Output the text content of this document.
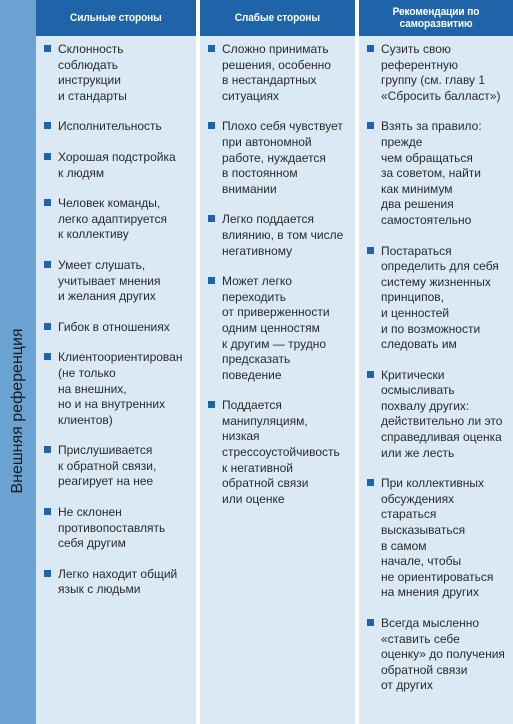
Сильные стороны	Слабые стороны	Рекомендации по саморазвитию
Внешняя референция
Склонность
соблюдать
инструкции
и стандарты
Исполнительность
Хорошая подстройка
к людям
Человек команды,
легко адаптируется
к коллективу
Умеет слушать,
учитывает мнения
и желания других
Гибок в отношениях
Клиентоориентирован
(не только
на внешних,
но и на внутренних
клиентов)
Прислушивается
к обратной связи,
реагирует на нее
Не склонен
противопоставлять
себя другим
Легко находит общий
язык с людьми
Сложно принимать
решения, особенно
в нестандартных
ситуациях
Плохо себя чувствует
при автономной
работе, нуждается
в постоянном
внимании
Легко поддается
влиянию, в том числе
негативному
Может легко
переходить
от приверженности
одним ценностям
к другим — трудно
предсказать
поведение
Поддается
манипуляциям,
низкая
стрессоустойчивость
к негативной
обратной связи
или оценке
Сузить свою
референтную
группу (см. главу 1
«Сбросить балласт»)
Взять за правило:
прежде
чем обращаться
за советом, найти
как минимум
два решения
самостоятельно
Постараться
определить для себя
систему жизненных
принципов,
и ценностей
и по возможности
следовать им
Критически
осмысливать
похвалу других:
действительно ли это
справедливая оценка
или же лесть
При коллективных
обсуждениях
стараться
высказываться
в самом
начале, чтобы
не ориентироваться
на мнения других
Всегда мысленно
«ставить себе
оценку» до получения
обратной связи
от других
